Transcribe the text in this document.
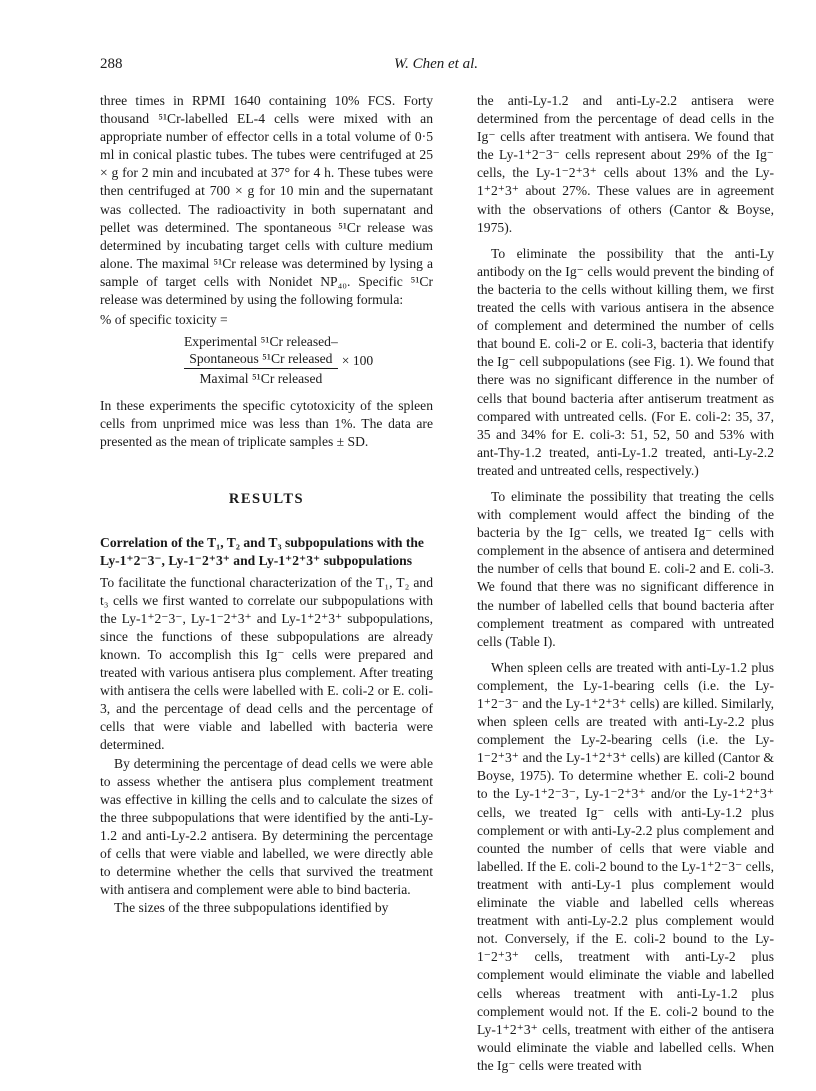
288	W. Chen et al.

three times in RPMI 1640 containing 10% FCS. Forty thousand ⁵¹Cr-labelled EL-4 cells were mixed with an appropriate number of effector cells in a total volume of 0·5 ml in conical plastic tubes. The tubes were centrifuged at 25 × g for 2 min and incubated at 37° for 4 h. These tubes were then centrifuged at 700 × g for 10 min and the supernatant was collected. The radioactivity in both supernatant and pellet was determined. The spontaneous ⁵¹Cr release was determined by incubating target cells with culture medium alone. The maximal ⁵¹Cr release was determined by lysing a sample of target cells with Nonidet NP₄₀. Specific ⁵¹Cr release was determined by using the following formula:

% of specific toxicity =
Experimental ⁵¹Cr released–
Spontaneous ⁵¹Cr released
Maximal ⁵¹Cr released
× 100

In these experiments the specific cytotoxicity of the spleen cells from unprimed mice was less than 1%. The data are presented as the mean of triplicate samples ± SD.

RESULTS
Correlation of the T₁, T₂ and T₃ subpopulations with the Ly-1⁺2⁻3⁻, Ly-1⁻2⁺3⁺ and Ly-1⁺2⁺3⁺ subpopulations

To facilitate the functional characterization of the T₁, T₂ and t₃ cells we first wanted to correlate our subpopulations with the Ly-1⁺2⁻3⁻, Ly-1⁻2⁺3⁺ and Ly-1⁺2⁺3⁺ subpopulations, since the functions of these subpopulations are already known. To accomplish this Ig⁻ cells were prepared and treated with various antisera plus complement. After treating with antisera the cells were labelled with E. coli-2 or E. coli-3, and the percentage of dead cells and the percentage of cells that were viable and labelled with bacteria were determined.

By determining the percentage of dead cells we were able to assess whether the antisera plus complement treatment was effective in killing the cells and to calculate the sizes of the three subpopulations that were identified by the anti-Ly-1.2 and anti-Ly-2.2 antisera. By determining the percentage of cells that were viable and labelled, we were directly able to determine whether the cells that survived the treatment with antisera and complement were able to bind bacteria.

The sizes of the three subpopulations identified by

the anti-Ly-1.2 and anti-Ly-2.2 antisera were determined from the percentage of dead cells in the Ig⁻ cells after treatment with antisera. We found that the Ly-1⁺2⁻3⁻ cells represent about 29% of the Ig⁻ cells, the Ly-1⁻2⁺3⁺ cells about 13% and the Ly-1⁺2⁺3⁺ about 27%. These values are in agreement with the observations of others (Cantor & Boyse, 1975).

To eliminate the possibility that the anti-Ly antibody on the Ig⁻ cells would prevent the binding of the bacteria to the cells without killing them, we first treated the cells with various antisera in the absence of complement and determined the number of cells that bound E. coli-2 or E. coli-3, bacteria that identify the Ig⁻ cell subpopulations (see Fig. 1). We found that there was no significant difference in the number of cells that bound bacteria after antiserum treatment as compared with untreated cells. (For E. coli-2: 35, 37, 35 and 34% for E. coli-3: 51, 52, 50 and 53% with ant-Thy-1.2 treated, anti-Ly-1.2 treated, anti-Ly-2.2 treated and untreated cells, respectively.)

To eliminate the possibility that treating the cells with complement would affect the binding of the bacteria by the Ig⁻ cells, we treated Ig⁻ cells with complement in the absence of antisera and determined the number of cells that bound E. coli-2 and E. coli-3. We found that there was no significant difference in the number of labelled cells that bound bacteria after complement treatment as compared with untreated cells (Table I).

When spleen cells are treated with anti-Ly-1.2 plus complement, the Ly-1-bearing cells (i.e. the Ly-1⁺2⁻3⁻ and the Ly-1⁺2⁺3⁺ cells) are killed. Similarly, when spleen cells are treated with anti-Ly-2.2 plus complement the Ly-2-bearing cells (i.e. the Ly-1⁻2⁺3⁺ and the Ly-1⁺2⁺3⁺ cells) are killed (Cantor & Boyse, 1975). To determine whether E. coli-2 bound to the Ly-1⁺2⁻3⁻, Ly-1⁻2⁺3⁺ and/or the Ly-1⁺2⁺3⁺ cells, we treated Ig⁻ cells with anti-Ly-1.2 plus complement or with anti-Ly-2.2 plus complement and counted the number of cells that were viable and labelled. If the E. coli-2 bound to the Ly-1⁺2⁻3⁻ cells, treatment with anti-Ly-1 plus complement would eliminate the viable and labelled cells whereas treatment with anti-Ly-2.2 plus complement would not. Conversely, if the E. coli-2 bound to the Ly-1⁻2⁺3⁺ cells, treatment with anti-Ly-2 plus complement would eliminate the viable and labelled cells whereas treatment with anti-Ly-1.2 plus complement would not. If the E. coli-2 bound to the Ly-1⁺2⁺3⁺ cells, treatment with either of the antisera would eliminate the viable and labelled cells. When the Ig⁻ cells were treated with
